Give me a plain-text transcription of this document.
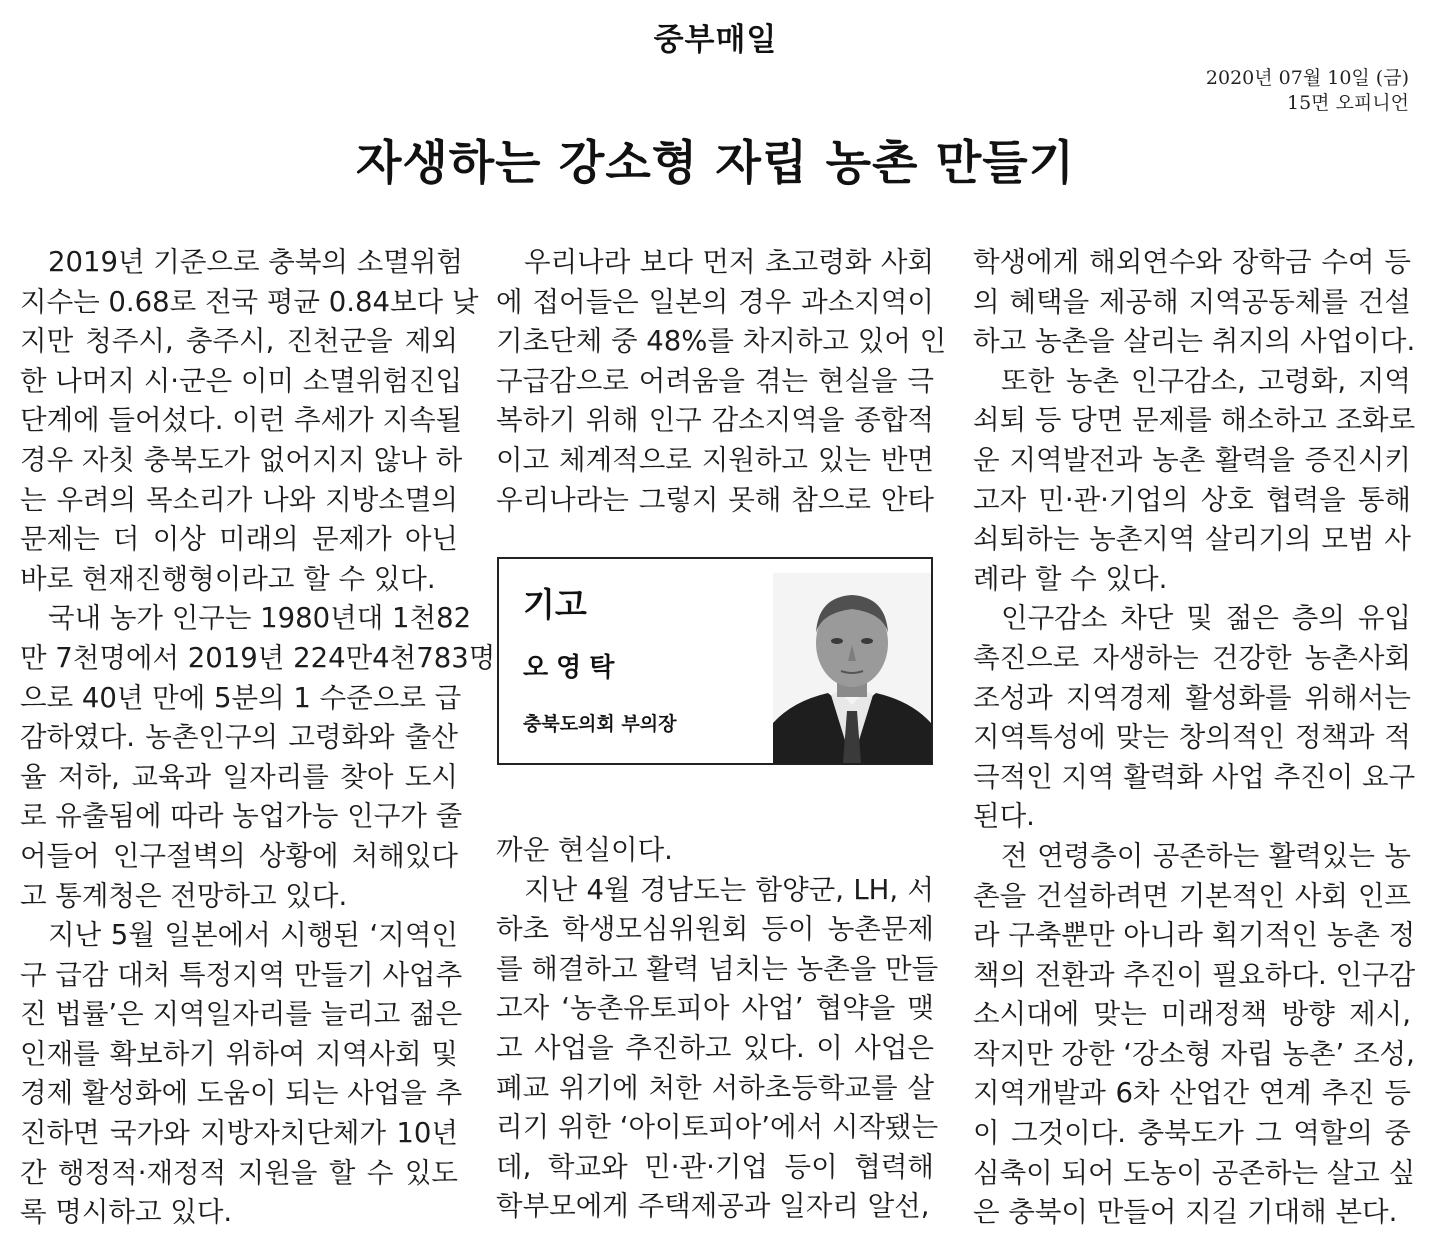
중부매일
2020년 07월 10일 (금)
15면 오피니언
자생하는 강소형 자립 농촌 만들기
2019년 기준으로 충북의 소멸위험
지수는 0.68로 전국 평균 0.84보다 낮
지만 청주시, 충주시, 진천군을 제외
한 나머지 시·군은 이미 소멸위험진입
단계에 들어섰다. 이런 추세가 지속될
경우 자칫 충북도가 없어지지 않나 하
는 우려의 목소리가 나와 지방소멸의
문제는 더 이상 미래의 문제가 아닌
바로 현재진행형이라고 할 수 있다.
국내 농가 인구는 1980년대 1천82
만 7천명에서 2019년 224만4천783명
으로 40년 만에 5분의 1 수준으로 급
감하였다. 농촌인구의 고령화와 출산
율 저하, 교육과 일자리를 찾아 도시
로 유출됨에 따라 농업가능 인구가 줄
어들어 인구절벽의 상황에 처해있다
고 통계청은 전망하고 있다.
지난 5월 일본에서 시행된 ‘지역인
구 급감 대처 특정지역 만들기 사업추
진 법률’은 지역일자리를 늘리고 젊은
인재를 확보하기 위하여 지역사회 및
경제 활성화에 도움이 되는 사업을 추
진하면 국가와 지방자치단체가 10년
간 행정적·재정적 지원을 할 수 있도
록 명시하고 있다.
우리나라 보다 먼저 초고령화 사회
에 접어들은 일본의 경우 과소지역이
기초단체 중 48%를 차지하고 있어 인
구급감으로 어려움을 겪는 현실을 극
복하기 위해 인구 감소지역을 종합적
이고 체계적으로 지원하고 있는 반면
우리나라는 그렇지 못해 참으로 안타
까운 현실이다.
지난 4월 경남도는 함양군, LH, 서
하초 학생모심위원회 등이 농촌문제
를 해결하고 활력 넘치는 농촌을 만들
고자 ‘농촌유토피아 사업’ 협약을 맺
고 사업을 추진하고 있다. 이 사업은
폐교 위기에 처한 서하초등학교를 살
리기 위한 ‘아이토피아’에서 시작됐는
데, 학교와 민·관·기업 등이 협력해
학부모에게 주택제공과 일자리 알선,
학생에게 해외연수와 장학금 수여 등
의 혜택을 제공해 지역공동체를 건설
하고 농촌을 살리는 취지의 사업이다.
또한 농촌 인구감소, 고령화, 지역
쇠퇴 등 당면 문제를 해소하고 조화로
운 지역발전과 농촌 활력을 증진시키
고자 민·관·기업의 상호 협력을 통해
쇠퇴하는 농촌지역 살리기의 모범 사
례라 할 수 있다.
인구감소 차단 및 젊은 층의 유입
촉진으로 자생하는 건강한 농촌사회
조성과 지역경제 활성화를 위해서는
지역특성에 맞는 창의적인 정책과 적
극적인 지역 활력화 사업 추진이 요구
된다.
전 연령층이 공존하는 활력있는 농
촌을 건설하려면 기본적인 사회 인프
라 구축뿐만 아니라 획기적인 농촌 정
책의 전환과 추진이 필요하다. 인구감
소시대에 맞는 미래정책 방향 제시,
작지만 강한 ‘강소형 자립 농촌’ 조성,
지역개발과 6차 산업간 연계 추진 등
이 그것이다. 충북도가 그 역할의 중
심축이 되어 도농이 공존하는 살고 싶
은 충북이 만들어 지길 기대해 본다.
기고
오영탁
충북도의회 부의장
